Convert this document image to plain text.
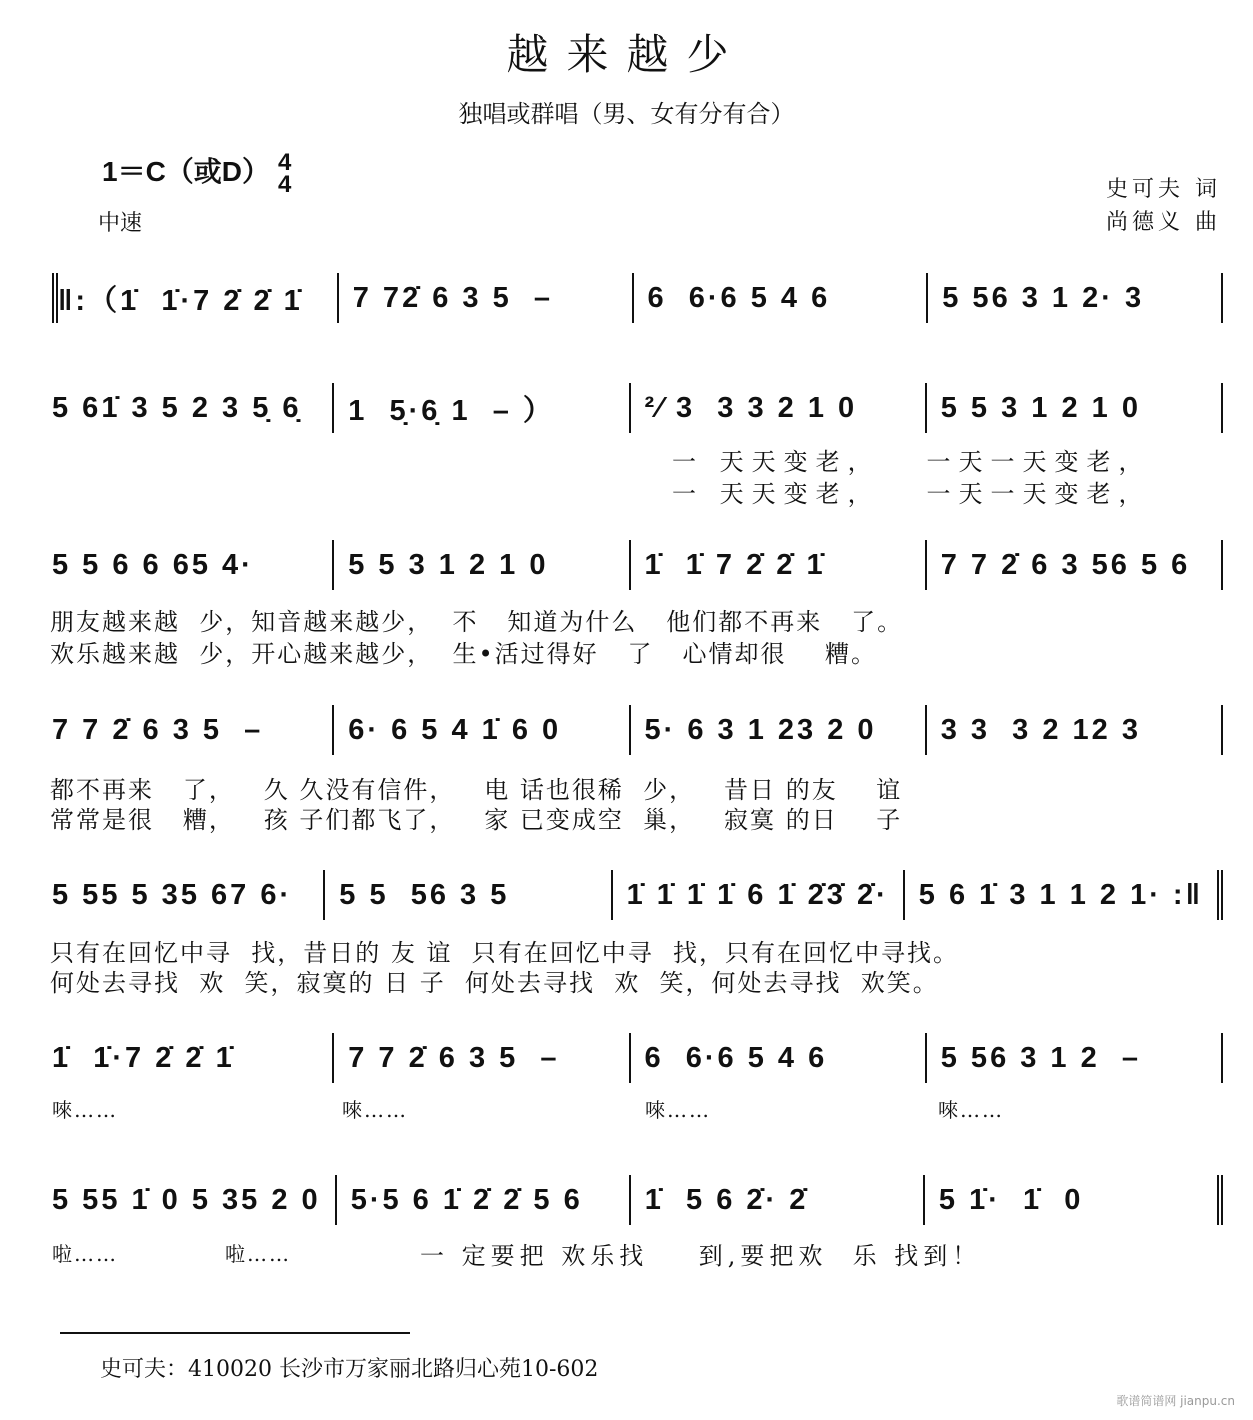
越来越少
独唱或群唱（男、女有分有合）
1＝C（或D） 4
4
中速
史可夫 词
尚德义 曲
‖:（1̇  1̇·7 2̇ 2̇ 1̇ 7 72̇ 6 3 5  –	6  6·6 5 4 6	5 56 3 1 2· 3
5 61̇ 3 5 2 3 5̣ 6̣ 1  5̣·6̣ 1  – ）	²⁄ 3  3 3 2 1 0	5 5 3 1 2 1 0
5 5 6 6 65 4·	5 5 3 1 2 1 0	1̇  1̇ 7 2̇ 2̇ 1̇	7 7 2̇ 6 3 56 5 6
7 7 2̇ 6 3 5  –	6· 6 5 4 1̇ 6 0	5· 6 3 1 23 2 0 3 3  3 2 12 3
5 55 5 35 67 6· 5 5  56 3 5	1̇ 1̇ 1̇ 1̇ 6 1̇ 2̇3̇ 2̇· 5 6 1̇ 3 1 1 2 1· :‖
1̇  1̇·7 2̇ 2̇ 1̇	7 7 2̇ 6 3 5  –	6  6·6 5 4 6	5 56 3 1 2  –
5 55 1̇ 0 5 35 2 0 5·5 6 1̇ 2̇ 2̇ 5 6 1̇  5 6 2̇· 2̇	5 1̇·  1̇  0
一 天天变老，   一天一天变老，
一 天天变老，   一天一天变老，
朋友越来越  少，知音越来越少，  不   知道为什么   他们都不再来   了。
欢乐越来越  少，开心越来越少，  生•活过得好   了   心情却很    糟。
都不再来   了，   久 久没有信件，   电 话也很稀  少，   昔日 的友    谊
常常是很   糟，   孩 子们都飞了，   家 已变成空  巢，   寂寞 的日    子
只有在回忆中寻  找，昔日的 友 谊  只有在回忆中寻  找，只有在回忆中寻找。
何处去寻找  欢  笑，寂寞的 日 子  何处去寻找  欢  笑，何处去寻找  欢笑。
唻……	唻……	唻……	唻……
啦……	啦……	一 定要把 欢乐找    到,要把欢  乐 找到！
史可夫：410020 长沙市万家丽北路归心苑10-602
歌谱简谱网 jianpu.cn
